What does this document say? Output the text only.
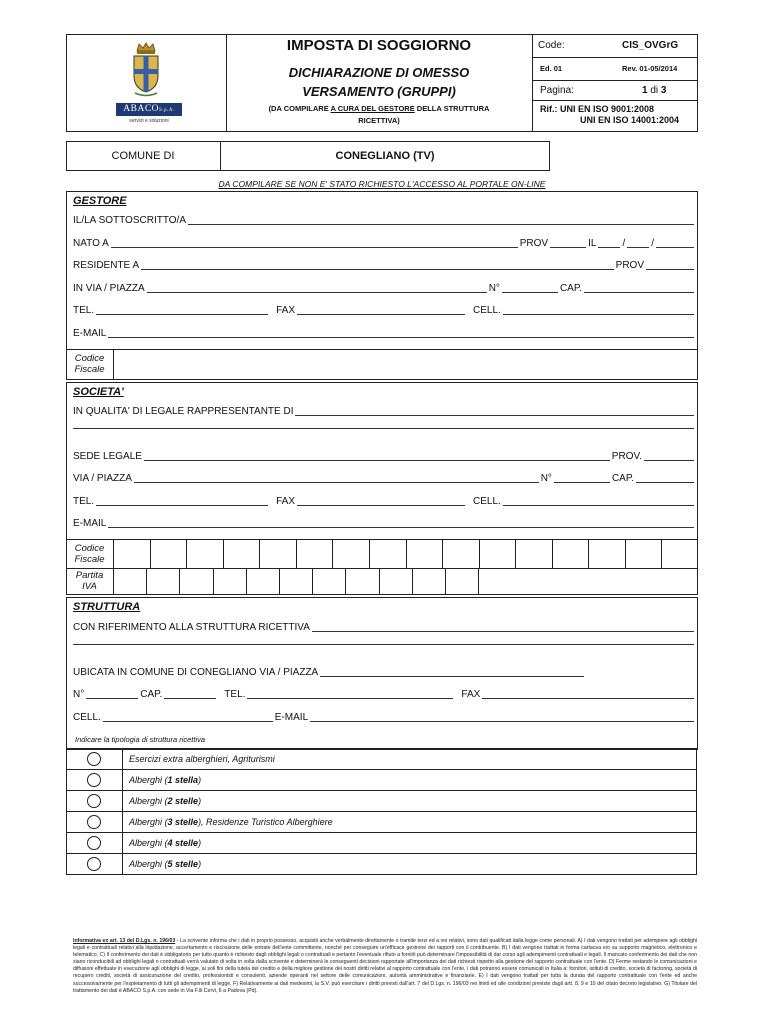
ABACOS.p.A.
servizi e soluzioni
IMPOSTA DI SOGGIORNO
DICHIARAZIONE DI OMESSO
VERSAMENTO (GRUPPI)
(DA COMPILARE A CURA DEL GESTORE DELLA STRUTTURA
RICETTIVA)
Code:	CIS_OVGrG
Ed. 01	Rev. 01-05/2014
Pagina:	1 di 3
Rif.: UNI EN ISO 9001:2008
UNI EN ISO 14001:2004
COMUNE DI	CONEGLIANO (TV)
DA COMPILARE SE NON E' STATO RICHIESTO L'ACCESSO AL PORTALE ON-LINE
GESTORE
IL/LA SOTTOSCRITTO/A
NATO A	PROV	IL	/	/
RESIDENTE A	PROV
IN VIA / PIAZZA	N°	CAP.
TEL.	FAX	CELL.
E-MAIL
Codice
Fiscale
SOCIETA'
IN QUALITA' DI LEGALE RAPPRESENTANTE DI
SEDE LEGALE	PROV.
VIA / PIAZZA	N°	CAP.
TEL.	FAX	CELL.
E-MAIL
Codice
Fiscale
Partita
IVA
STRUTTURA
CON RIFERIMENTO ALLA STRUTTURA RICETTIVA
UBICATA IN COMUNE DI CONEGLIANO VIA / PIAZZA
N°	CAP.	TEL.	FAX
CELL.	E-MAIL
Indicare la tipologia di struttura ricettiva
Esercizi extra alberghieri, Agriturismi
Alberghi (1 stella)
Alberghi (2 stelle)
Alberghi (3 stelle), Residenze Turistico Alberghiere
Alberghi (4 stelle)
Alberghi (5 stelle)
Informativa ex art. 13 del D.Lgs. n. 196/03 - La scrivente informa che i dati in proprio possesso, acquisiti anche verbalmente direttamente o tramite terzi ed a voi relativi, sono dati qualificati dalla legge come personali. A) I dati vengono trattati per adempiere agli obblighi legali e contrattuali relativi alla liquidazione, accertamento e riscossione delle entrate dell'ente committente, nonché per conseguire un'efficace gestione dei rapporti con il contribuente. B) I dati vengono trattati in forma cartacea e/o su supporto magnetico, elettronico e telematico. C) Il conferimento dei dati è obbligatorio per tutto quanto è richiesto dagli obblighi legali o contrattuali e pertanto l'eventuale rifiuto a fornirli può determinare l'impossibilità di dar corso agli adempimenti contrattuali e legali. Il mancato conferimento dei dati che non siano riconducibili ad obblighi legali o contrattuali verrà valutato di volta in volta dalla scrivente e determinerà le conseguenti decisioni rapportate all'importanza dei dati richiesti rispetto alla gestione del rapporto contrattuale con l'ente. D) Ferme restando le comunicazioni e diffusioni effettuate in esecuzione agli obblighi di legge, ai soli fini della tutela del credito e della migliore gestione dei nostri diritti relativi al rapporto contrattuale con l'ente, i dati potranno essere comunicati in Italia a: fornitori, istituti di credito, società di factoring, società di recupero crediti, società di assicurazione del credito, professionisti e consulenti, aziende operanti nel settore delle comunicazioni, autorità amministrative e finanziarie. E) I dati vengono trattati per tutta la durata del rapporto contrattuale con l'ente ed anche successivamente per l'espletamento di tutti gli adempimenti di legge. F) Relativamente ai dati medesimi, la S.V. può esercitare i diritti previsti dall'art. 7 del D.Lgs. n. 196/03 nei limiti ed alle condizioni previste dagli artt. 8, 9 e 10 del citato decreto legislativo. G) Titolare del trattamento dei dati è ABACO S.p.A. con sede in Via F.lli Cervi, 6 a Padova (Pd).
